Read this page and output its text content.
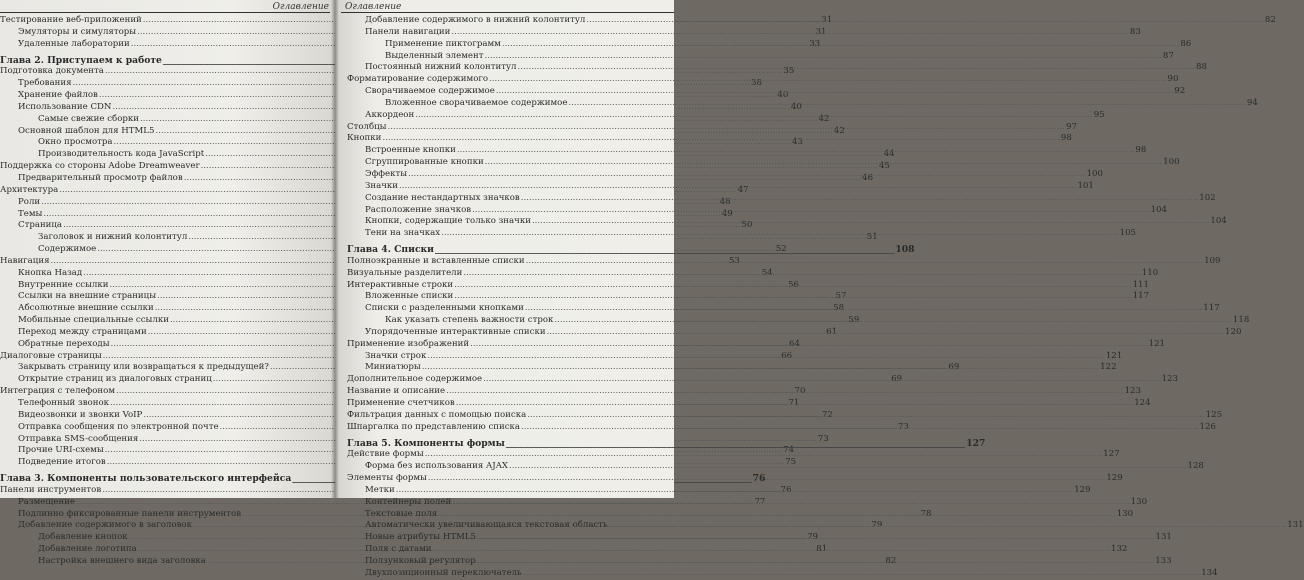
Оглавление
Тестирование веб-приложений .....	31
Эмуляторы и симуляторы .....	31
Удаленные лаборатории .....	33
Глава 2. Приступаем к работе
_____
Подготовка документа .....	35
Требования .....	38
Хранение файлов .....	40
Использование CDN .....	40
Самые свежие сборки .....	42
Основной шаблон для HTML5 .....	42
Окно просмотра .....	43
Производительность кода JavaScript .....	44
Поддержка со стороны Adobe Dreamweaver .....	45
Предварительный просмотр файлов .....	46
Архитектура .....	47
Роли .....	48
Темы .....	49
Страница .....	50
Заголовок и нижний колонтитул .....	51
Содержимое .....	52
Навигация .....	53
Кнопка Назад .....	54
Внутренние ссылки .....	56
Ссылки на внешние страницы .....	57
Абсолютные внешние ссылки .....	58
Мобильные специальные ссылки .....	59
Переход между страницами .....	61
Обратные переходы .....	64
Диалоговые страницы .....	66
Закрывать страницу или возвращаться к предыдущей? .....	69
Открытие страниц из диалоговых страниц .....	69
Интеграция с телефоном .....	70
Телефонный звонок .....	71
Видеозвонки и звонки VoIP .....	72
Отправка сообщения по электронной почте .....	73
Отправка SMS-сообщения .....	73
Прочие URI-схемы .....	74
Подведение итогов .....	75
Глава 3. Компоненты пользовательского интерфейса _____	76
Панели инструментов .....	76
Размещение .....	77
Подлинно фиксированные панели инструментов .....	78
Добавление содержимого в заголовок .....	79
Добавление кнопок .....	79
Добавление логотипа .....	81
Настройка внешнего вида заголовка .....	82
Оглавление
Добавление содержимого в нижний колонтитул .....	82
Панели навигации .....	83
Применение пиктограмм .....	86
Выделенный элемент .....	87
Постоянный нижний колонтитул .....	88
Форматирование содержимого .....	90
Сворачиваемое содержимое .....	92
Вложенное сворачиваемое содержимое .....	94
Аккордеон .....	95
Столбцы .....	97
Кнопки .....	98
Встроенные кнопки .....	98
Сгруппированные кнопки .....	100
Эффекты .....	100
Значки .....	101
Создание нестандартных значков .....	102
Расположение значков .....	104
Кнопки, содержащие только значки .....	104
Тени на значках .....	105
Глава 4. Списки _____	108
Полноэкранные и вставленные списки .....	109
Визуальные разделители .....	110
Интерактивные строки .....	111
Вложенные списки .....	117
Списки с разделенными кнопками .....	117
Как указать степень важности строк .....	118
Упорядоченные интерактивные списки .....	120
Применение изображений .....	121
Значки строк .....	121
Миниатюры .....	122
Дополнительное содержимое .....	123
Название и описание .....	123
Применение счетчиков .....	124
Фильтрация данных с помощью поиска .....	125
Шпаргалка по представлению списка .....	126
Глава 5. Компоненты формы _____	127
Действие формы .....	127
Форма без использования AJAX .....	128
Элементы формы .....	129
Метки .....	129
Контейнеры полей .....	130
Текстовые поля .....	130
Автоматически увеличивающаяся текстовая область .....	131
Новые атрибуты HTML5 .....	131
Поля с датами .....	132
Ползунковый регулятор .....	133
Двухпозиционный переключатель .....	134
